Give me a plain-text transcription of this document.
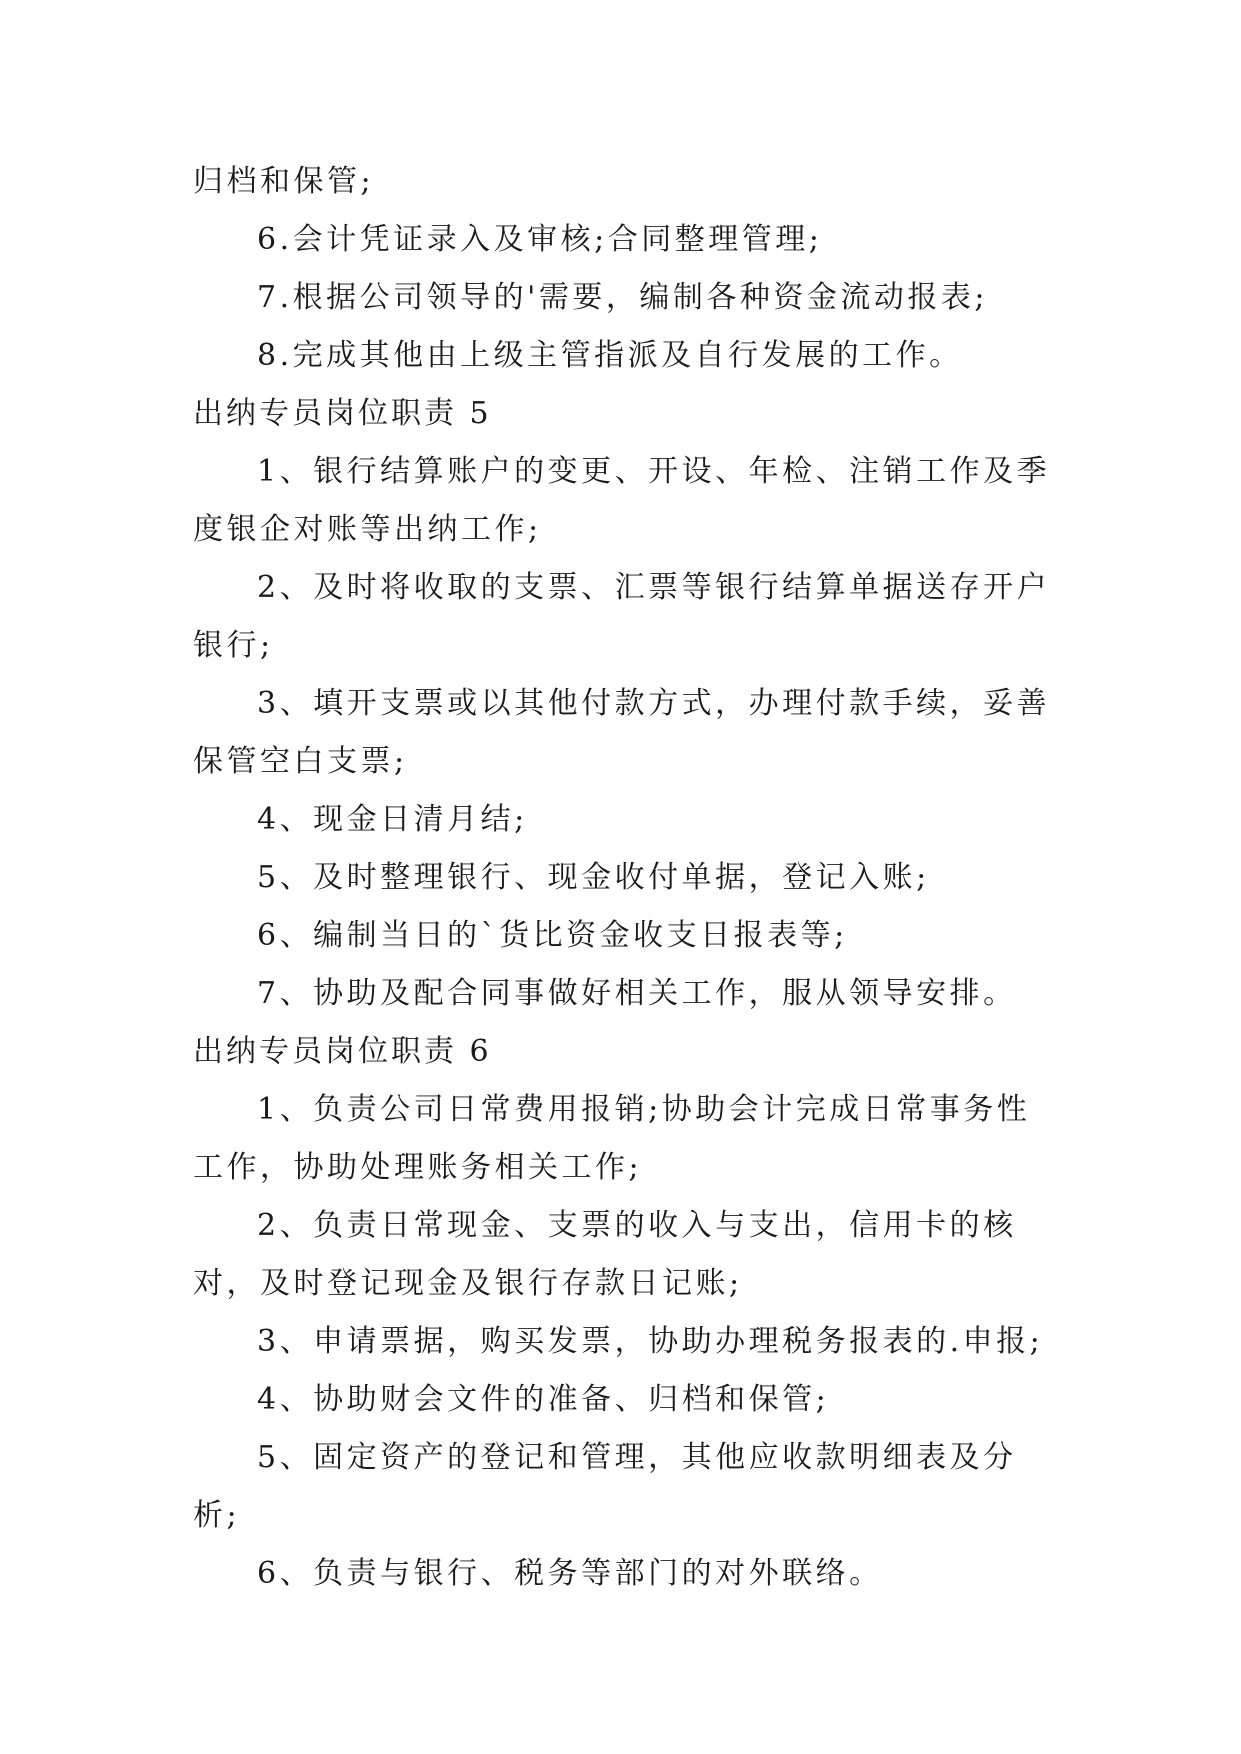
归档和保管;

6.会计凭证录入及审核;合同整理管理;

7.根据公司领导的'需要，编制各种资金流动报表;

8.完成其他由上级主管指派及自行发展的工作。

出纳专员岗位职责 5

1、银行结算账户的变更、开设、年检、注销工作及季度银企对账等出纳工作;

2、及时将收取的支票、汇票等银行结算单据送存开户银行;

3、填开支票或以其他付款方式，办理付款手续，妥善保管空白支票;

4、现金日清月结;

5、及时整理银行、现金收付单据，登记入账;

6、编制当日的`货比资金收支日报表等;

7、协助及配合同事做好相关工作，服从领导安排。

出纳专员岗位职责 6

1、负责公司日常费用报销;协助会计完成日常事务性工作，协助处理账务相关工作;

2、负责日常现金、支票的收入与支出，信用卡的核对，及时登记现金及银行存款日记账;

3、申请票据，购买发票，协助办理税务报表的.申报;

4、协助财会文件的准备、归档和保管;

5、固定资产的登记和管理，其他应收款明细表及分析;

6、负责与银行、税务等部门的对外联络。
